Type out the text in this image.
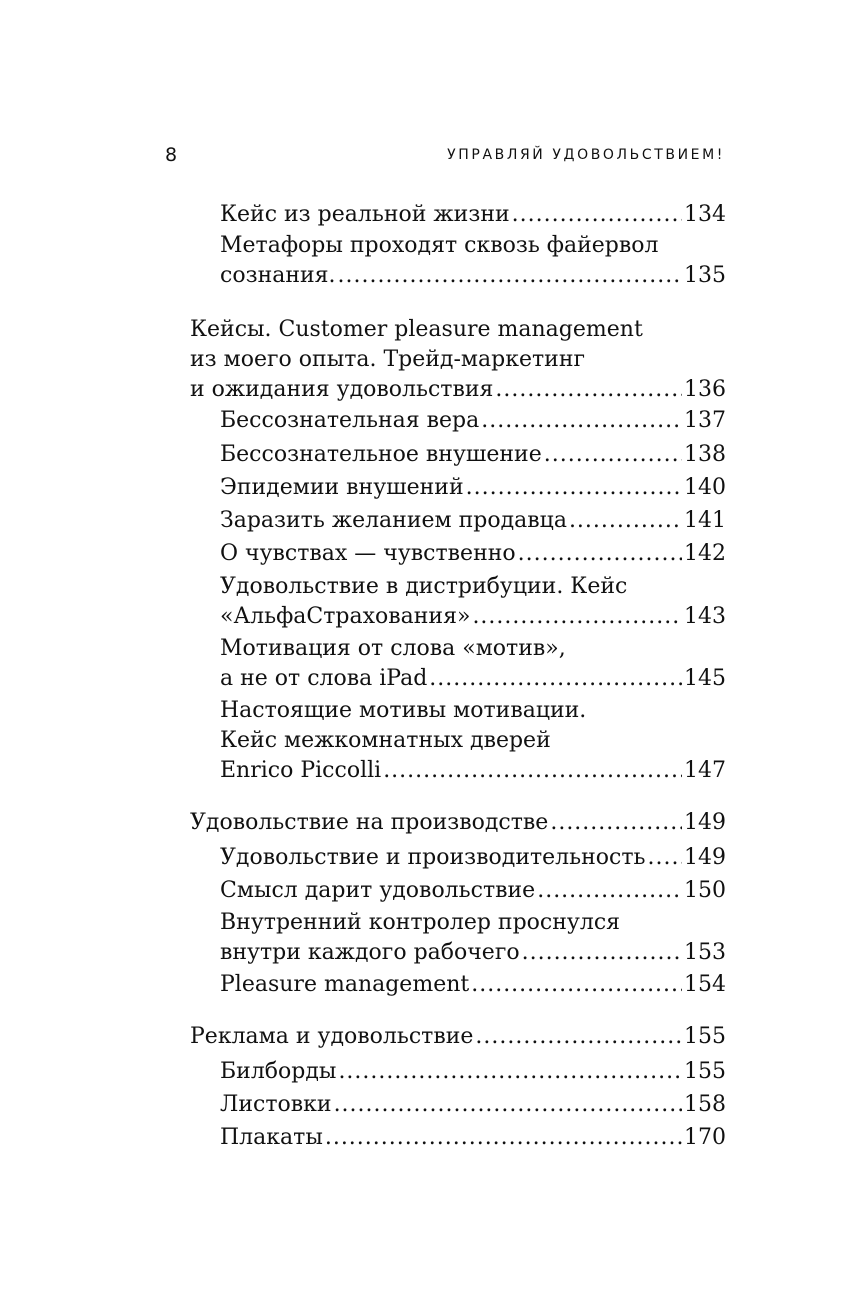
8	УПРАВЛЯЙ УДОВОЛЬСТВИЕМ!
Кейс из реальной жизни .....	134
Метафоры проходят сквозь файервол
сознания. .....	135
Кейсы. Customer pleasure management
из моего опыта. Трейд-маркетинг
и ожидания удовольствия .....	136
Бессознательная вера .....	137
Бессознательное внушение .....	138
Эпидемии внушений .....	140
Заразить желанием продавца .....	141
О чувствах — чувственно .....	142
Удовольствие в дистрибуции. Кейс
«АльфаСтрахования» .....	143
Мотивация от слова «мотив»,
а не от слова iPad .....	145
Настоящие мотивы мотивации.
Кейс межкомнатных дверей
Enrico Piccolli .....	147
Удовольствие на производстве .....	149
Удовольствие и производительность ..... 149
Смысл дарит удовольствие .....	150
Внутренний контролер проснулся
внутри каждого рабочего .....	153
Pleasure management .....	154
Реклама и удовольствие .....	155
Билборды .....	155
Листовки .....	158
Плакаты .....	170
